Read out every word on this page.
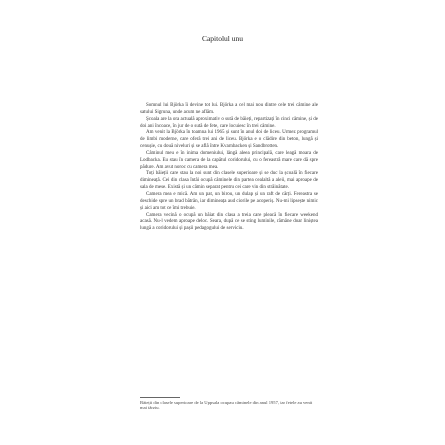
Capitolul unu

Somnul lui Björka îi devine tot lui. Björka a cel mai nou dintre cele trei câmine ale satului Sigruna, unde acum ne aflăm.

Școala are la ora actuală aproximativ o sută de băieți, repartizați în cinci câmine, și de doi ani încoace, în jur de o sută de fete, care locuiesc în trei câmine.

Am venit la Björka în toamna lui 1965 și sunt în anul doi de liceu. Urmez programul de limbi moderne, care oferă trei ani de liceu. Björka e o clădire din beton, lungă și cenușie, cu două niveluri și se află între Kvarnbacken și Sandbrotten.

Câminul meu e în inima domeniului, lângă aleea principală, care leagă moara de Lodbacka. Eu stau în camera de la capătul coridorului, cu o fereastră mare care dă spre pădure. Am avut noroc cu camera mea.

Toți băieții care stau la noi sunt din clasele superioare și se duc la școală în fiecare dimineață. Cei din clasa întâi ocupă câminele din partea cealaltă a aleii, mai aproape de sala de mese. Există și un câmin separat pentru cei care vin din străinătate.

Camera mea e mică. Am un pat, un birou, un dulap și un raft de cărți. Fereastra se deschide spre un brad bătrân, iar dimineața aud ciorile pe acoperiș. Nu-mi lipsește nimic și aici am tot ce îmi trebuie.

Camera vecină o ocupă un băiat din clasa a treia care pleacă în fiecare weekend acasă. Nu-l vedem aproape deloc. Seara, după ce se sting luminile, rămâne doar liniștea lungă a coridorului și pașii pedagogului de serviciu.

Băieții din clasele superioare de la Uppsala ocupau câminele din anul 1957, iar fetele au venit mai târziu.
